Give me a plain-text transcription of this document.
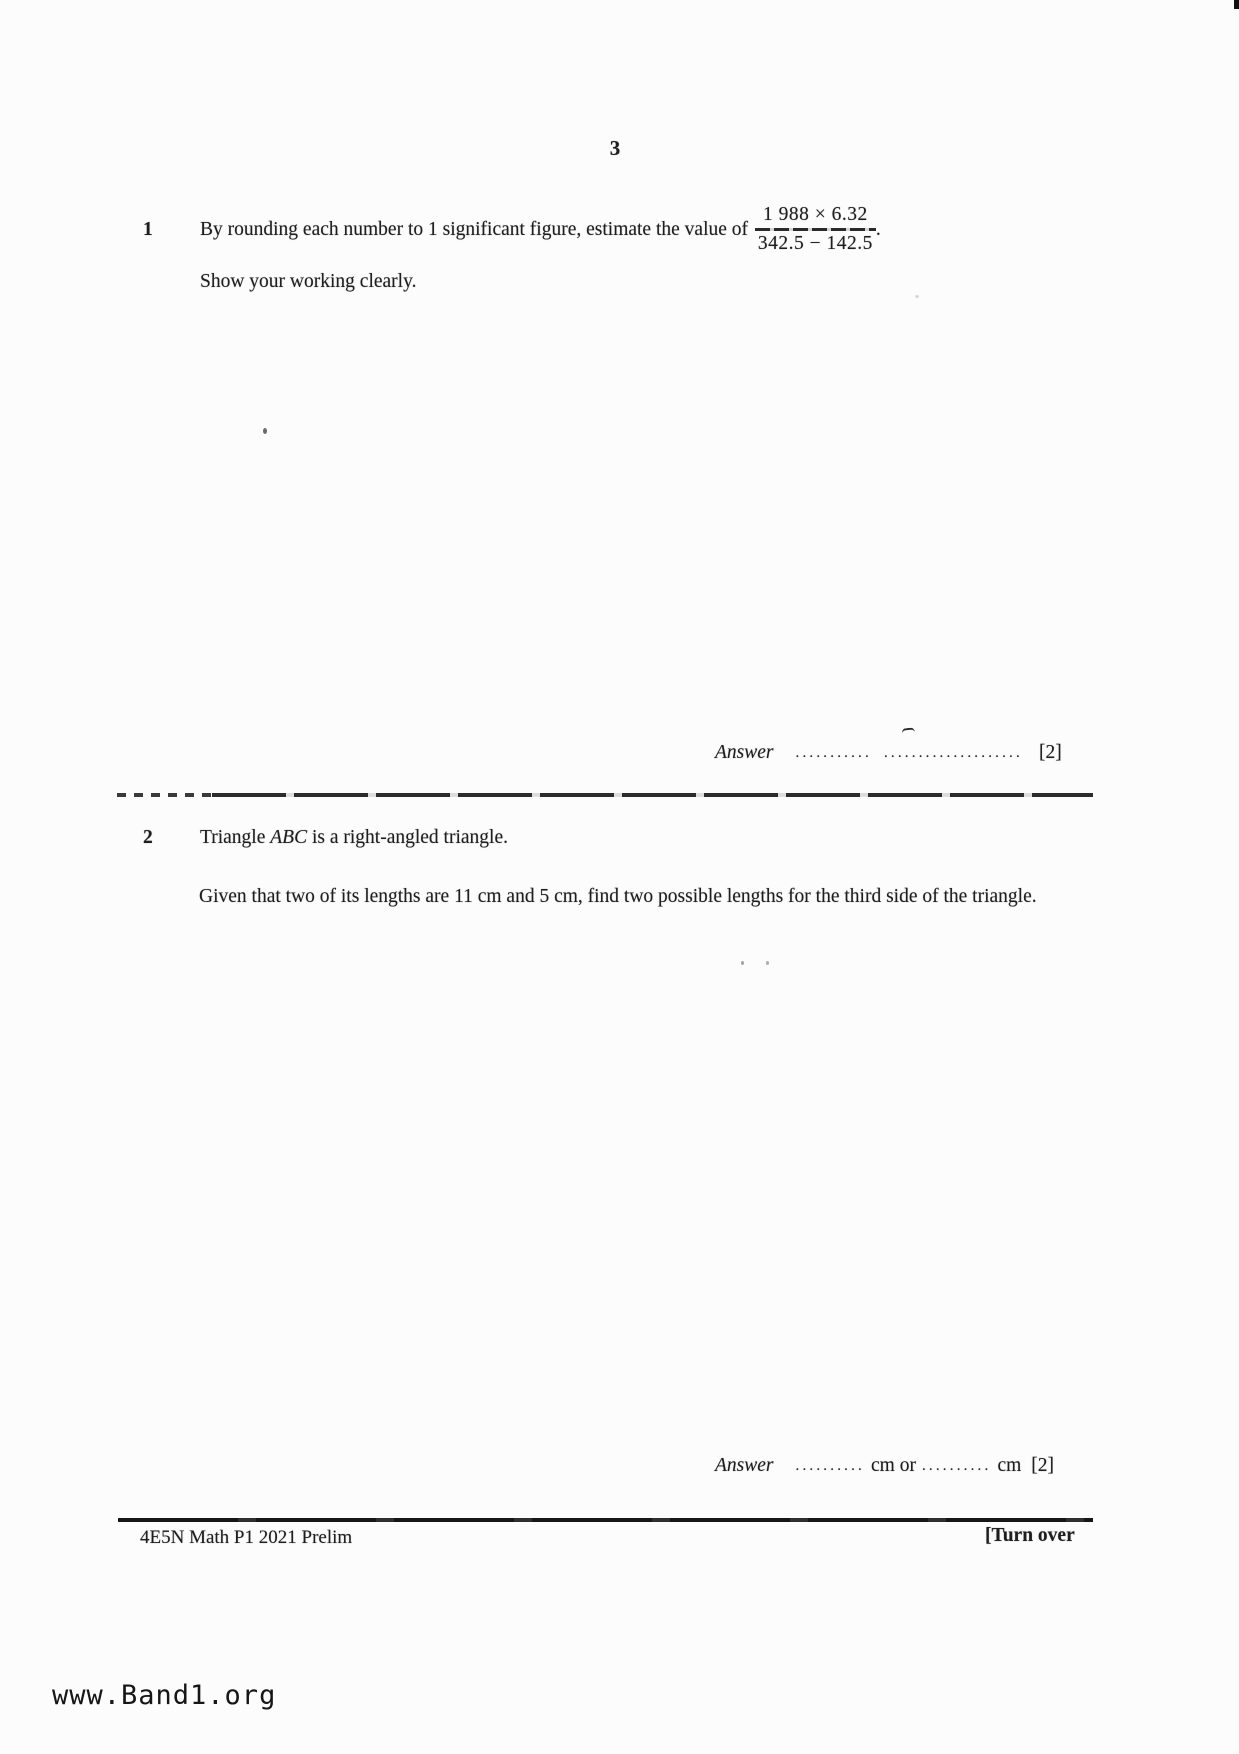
3
1	By rounding each number to 1 significant figure, estimate the value of $\frac{1 988 \times 6.32}{342.5 - 142.5}$ .
Show your working clearly.
Answer ........... .................... [2]
2	Triangle ABC is a right-angled triangle.
Given that two of its lengths are 11 cm and 5 cm, find two possible lengths for the third side of the triangle.
Answer .......... cm or .......... cm [2]
4E5N Math P1 2021 Prelim	[Turn over
www.Band1.org
